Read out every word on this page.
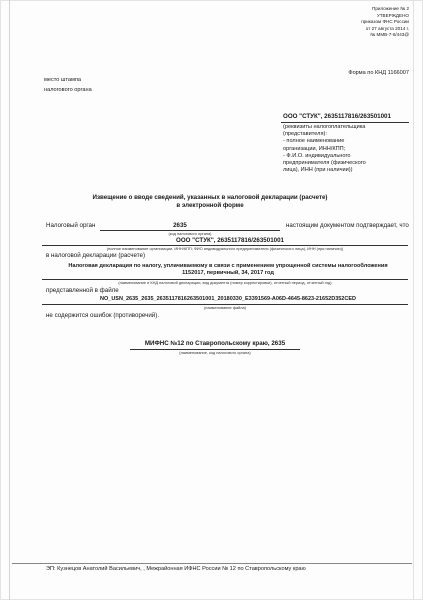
Приложение № 2
УТВЕРЖДЕНО
приказом ФНС России
от 27 августа 2014 г.
№ ММВ-7-6/443@
Форма по КНД 1166007
место штампа
налогового органа
ООО "СТУК", 2635117816/263501001
(реквизиты налогоплательщика
(представителя):
- полное наименование
организации, ИНН/КПП;
- Ф.И.О. индивидуального
предпринимателя (физического
лица), ИНН (при наличии))
Извещение о вводе сведений, указанных в налоговой декларации (расчете)
в электронной форме
Налоговый орган	2635	настоящим документом подтверждает, что
(код налогового органа)
ООО "СТУК", 2635117816/263501001
(полное наименование организации, ИНН/КПП; ФИО индивидуального предпринимателя (физического лица), ИНН (при наличии))
в налоговой декларации (расчете)
Налоговая декларация по налогу, уплачиваемому в связи с применением упрощенной системы налогообложения
1152017, первичный, 34, 2017 год
(наименование и КНД налоговой декларации, вид документа (номер корректировки), отчетный период, отчетный год)
представленной в файле
NO_USN_2635_2635_2635117816263501001_20180330_E3391569-A06D-4645-8623-21652D352CED
(наименование файла)
не содержится ошибок (противоречий).
МИФНС №12 по Ставропольскому краю, 2635
(наименование, код налогового органа)
ЭП: Кузнецов Анатолий Васильевич, , Межрайонная ИФНС России № 12 по Ставропольскому краю
